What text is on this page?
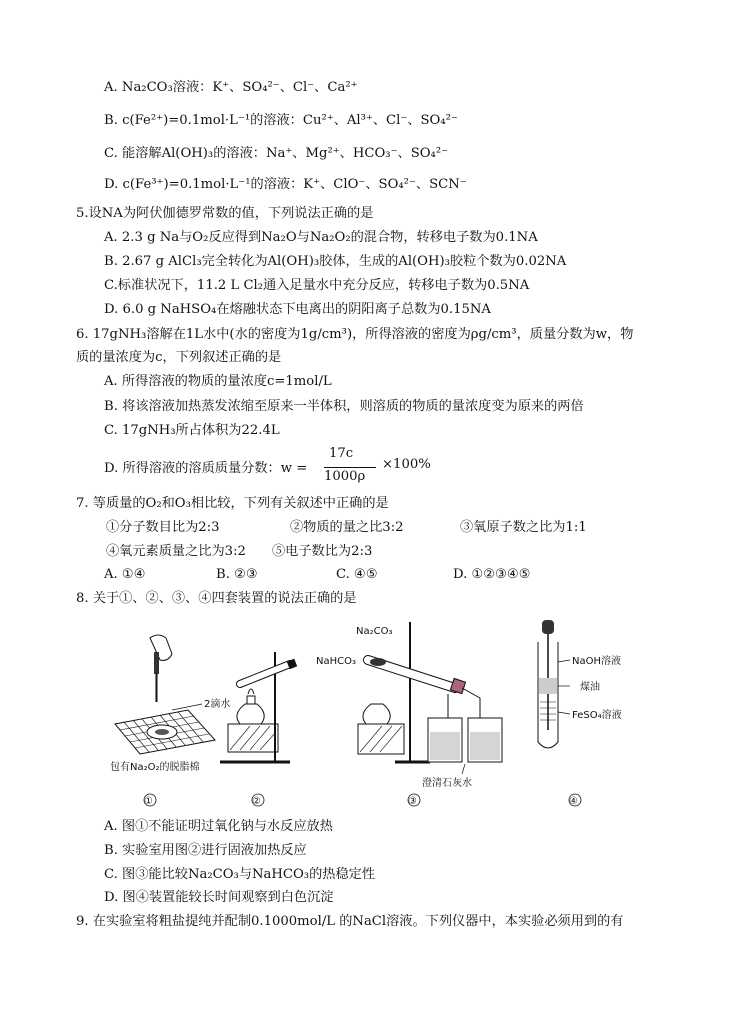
A. Na₂CO₃溶液：K⁺、SO₄²⁻、Cl⁻、Ca²⁺
B. c(Fe²⁺)=0.1mol·L⁻¹的溶液：Cu²⁺、Al³⁺、Cl⁻、SO₄²⁻
C. 能溶解Al(OH)₃的溶液：Na⁺、Mg²⁺、HCO₃⁻、SO₄²⁻
D. c(Fe³⁺)=0.1mol·L⁻¹的溶液：K⁺、ClO⁻、SO₄²⁻、SCN⁻
5.设NA为阿伏伽德罗常数的值，下列说法正确的是
A. 2.3 g Na与O₂反应得到Na₂O与Na₂O₂的混合物，转移电子数为0.1NA
B. 2.67 g AlCl₃完全转化为Al(OH)₃胶体，生成的Al(OH)₃胶粒个数为0.02NA
C.标准状况下，11.2 L Cl₂通入足量水中充分反应，转移电子数为0.5NA
D. 6.0 g NaHSO₄在熔融状态下电离出的阴阳离子总数为0.15NA
6. 17gNH₃溶解在1L水中(水的密度为1g/cm³)，所得溶液的密度为ρg/cm³，质量分数为w，物
质的量浓度为c，下列叙述正确的是
A. 所得溶液的物质的量浓度c=1mol/L
B. 将该溶液加热蒸发浓缩至原来一半体积，则溶质的物质的量浓度变为原来的两倍
C. 17gNH₃所占体积为22.4L
D. 所得溶液的溶质质量分数：w =
17c
1000ρ
×100%
7. 等质量的O₂和O₃相比较，下列有关叙述中正确的是
①分子数目比为2:3	②物质的量之比3:2	③氧原子数之比为1:1
④氧元素质量之比为3:2 ⑤电子数比为2:3
A. ①④	B. ②③	C. ④⑤	D. ①②③④⑤
8. 关于①、②、③、④四套装置的说法正确的是
2滴水
包有Na₂O₂的脱脂棉
①	②
Na₂CO₃
NaHCO₃
澄清石灰水
③
NaOH溶液
煤油
FeSO₄溶液
④
A. 图①不能证明过氧化钠与水反应放热
B. 实验室用图②进行固液加热反应
C. 图③能比较Na₂CO₃与NaHCO₃的热稳定性
D. 图④装置能较长时间观察到白色沉淀
9. 在实验室将粗盐提纯并配制0.1000mol/L 的NaCl溶液。下列仪器中，本实验必须用到的有
